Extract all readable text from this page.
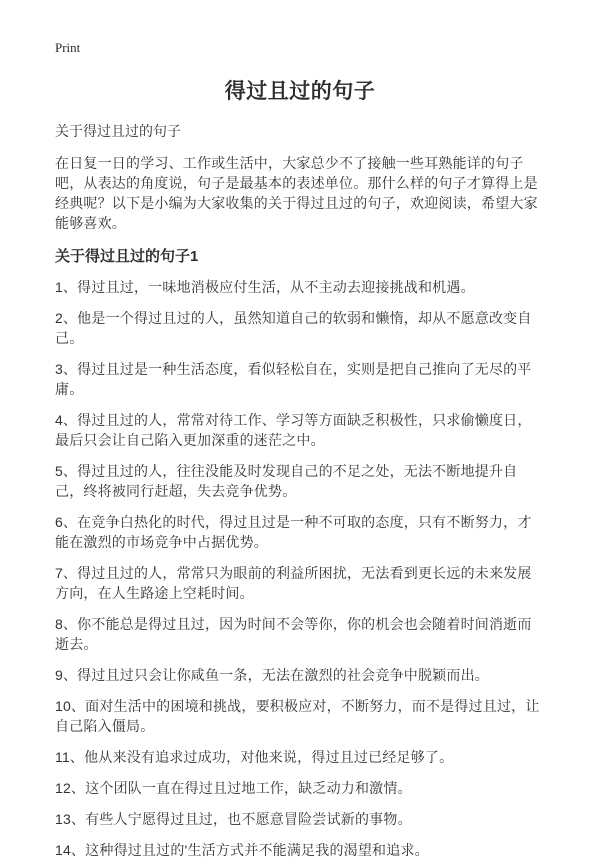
Print
得过且过的句子
关于得过且过的句子

在日复一日的学习、工作或生活中，大家总少不了接触一些耳熟能详的句子吧，从表达的角度说，句子是最基本的表述单位。那什么样的句子才算得上是经典呢？以下是小编为大家收集的关于得过且过的句子，欢迎阅读，希望大家能够喜欢。

关于得过且过的句子1

1、得过且过，一味地消极应付生活，从不主动去迎接挑战和机遇。

2、他是一个得过且过的人，虽然知道自己的软弱和懒惰，却从不愿意改变自己。

3、得过且过是一种生活态度，看似轻松自在，实则是把自己推向了无尽的平庸。

4、得过且过的人，常常对待工作、学习等方面缺乏积极性，只求偷懒度日，最后只会让自己陷入更加深重的迷茫之中。

5、得过且过的人，往往没能及时发现自己的不足之处，无法不断地提升自己，终将被同行赶超，失去竞争优势。

6、在竞争白热化的时代，得过且过是一种不可取的态度，只有不断努力，才能在激烈的市场竞争中占据优势。

7、得过且过的人，常常只为眼前的利益所困扰，无法看到更长远的未来发展方向，在人生路途上空耗时间。

8、你不能总是得过且过，因为时间不会等你，你的机会也会随着时间消逝而逝去。

9、得过且过只会让你咸鱼一条，无法在激烈的社会竞争中脱颖而出。

10、面对生活中的困境和挑战，要积极应对，不断努力，而不是得过且过，让自己陷入僵局。

11、他从来没有追求过成功，对他来说，得过且过已经足够了。

12、这个团队一直在得过且过地工作，缺乏动力和激情。

13、有些人宁愿得过且过，也不愿意冒险尝试新的事物。

14、这种得过且过的'生活方式并不能满足我的渴望和追求。
